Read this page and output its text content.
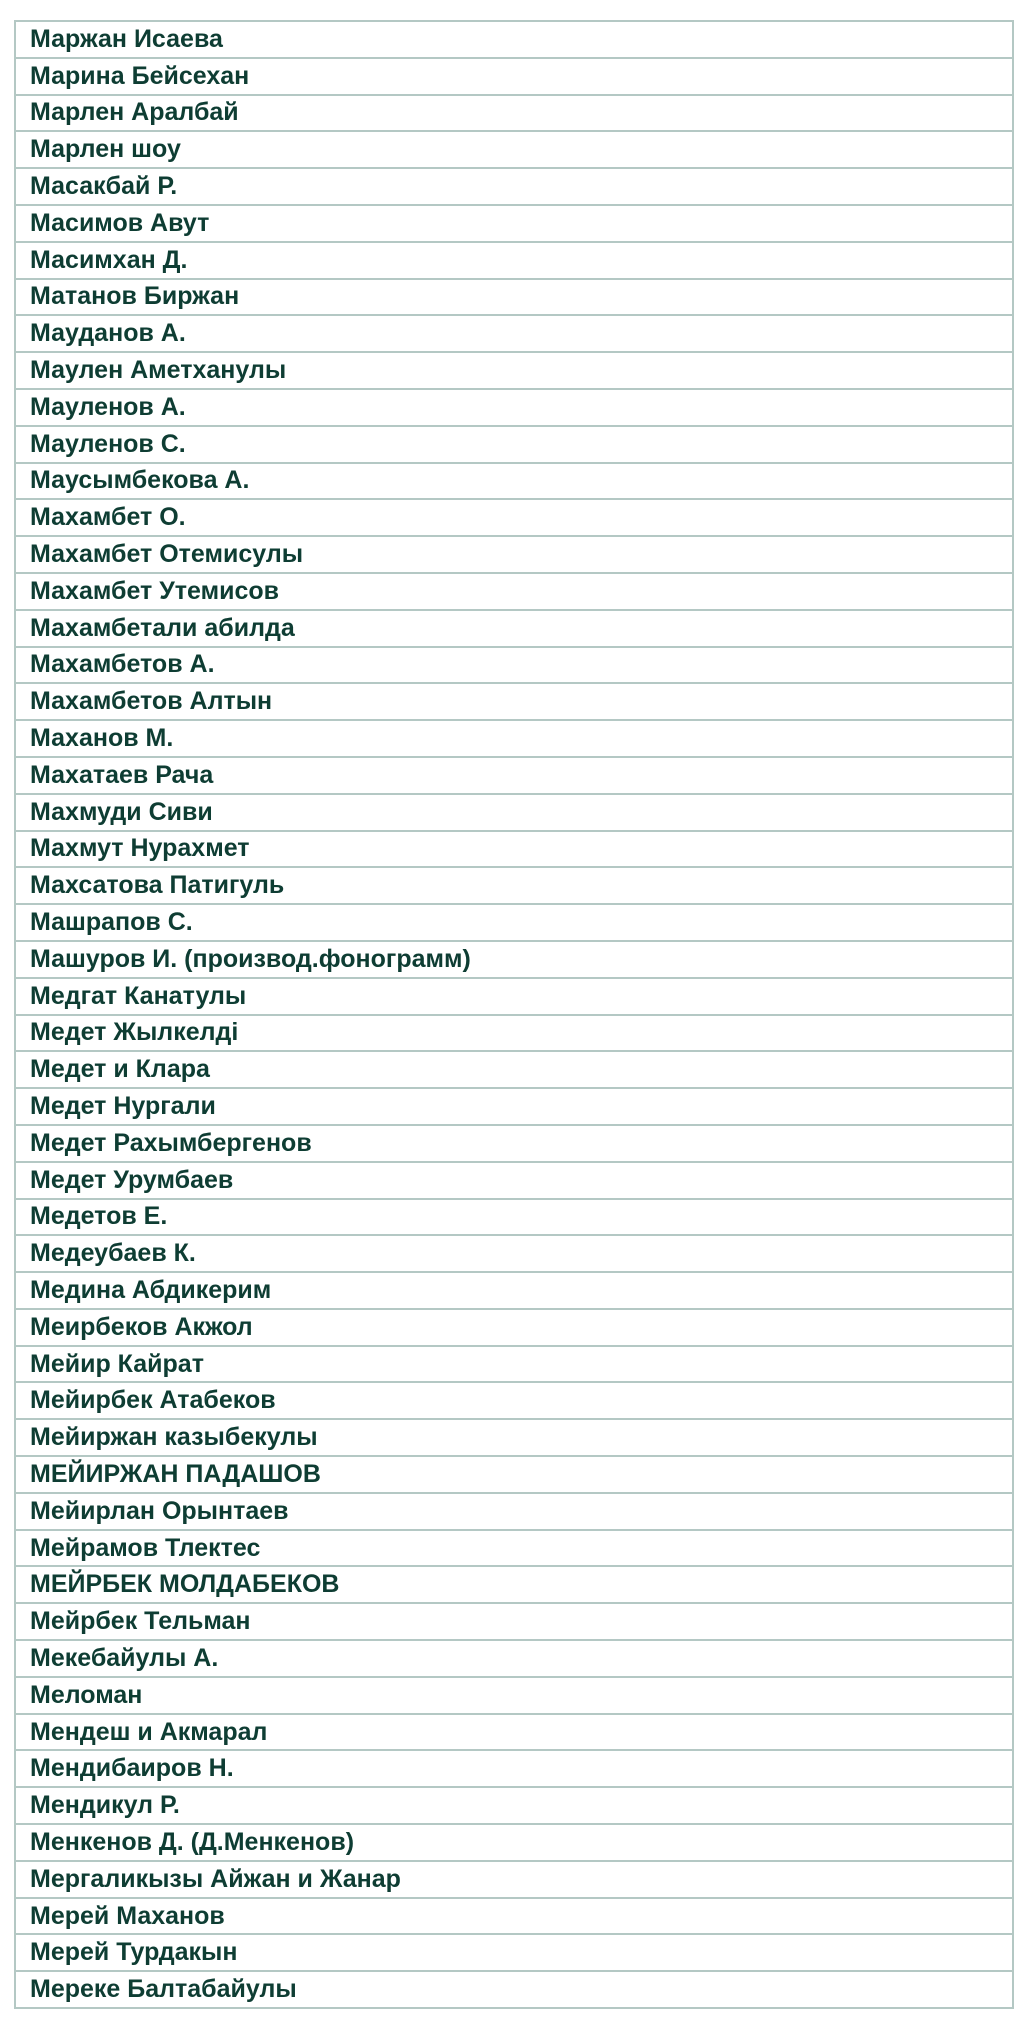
Маржан Исаева
Марина Бейсехан
Марлен Аралбай
Марлен шоу
Масакбай Р.
Масимов Авут
Масимхан Д.
Матанов Биржан
Мауданов А.
Маулен Аметханулы
Мауленов А.
Мауленов С.
Маусымбекова А.
Махамбет О.
Махамбет Отемисулы
Махамбет Утемисов
Махамбетали абилда
Махамбетов А.
Махамбетов Алтын
Маханов М.
Махатаев Рача
Махмуди Сиви
Махмут Нурахмет
Махсатова Патигуль
Машрапов С.
Машуров И. (производ.фонограмм)
Медгат Канатулы
Медет Жылкелді
Медет и Клара
Медет Нургали
Медет Рахымбергенов
Медет Урумбаев
Медетов Е.
Медеубаев К.
Медина Абдикерим
Меирбеков Акжол
Мейир Кайрат
Мейирбек Атабеков
Мейиржан казыбекулы
МЕЙИРЖАН ПАДАШОВ
Мейирлан Орынтаев
Мейрамов Тлектес
МЕЙРБЕК МОЛДАБЕКОВ
Мейрбек Тельман
Мекебайулы А.
Меломан
Мендеш и Акмарал
Мендибаиров Н.
Мендикул Р.
Менкенов Д. (Д.Менкенов)
Мергаликызы Айжан и Жанар
Мерей Маханов
Мерей Турдакын
Мереке Балтабайулы
